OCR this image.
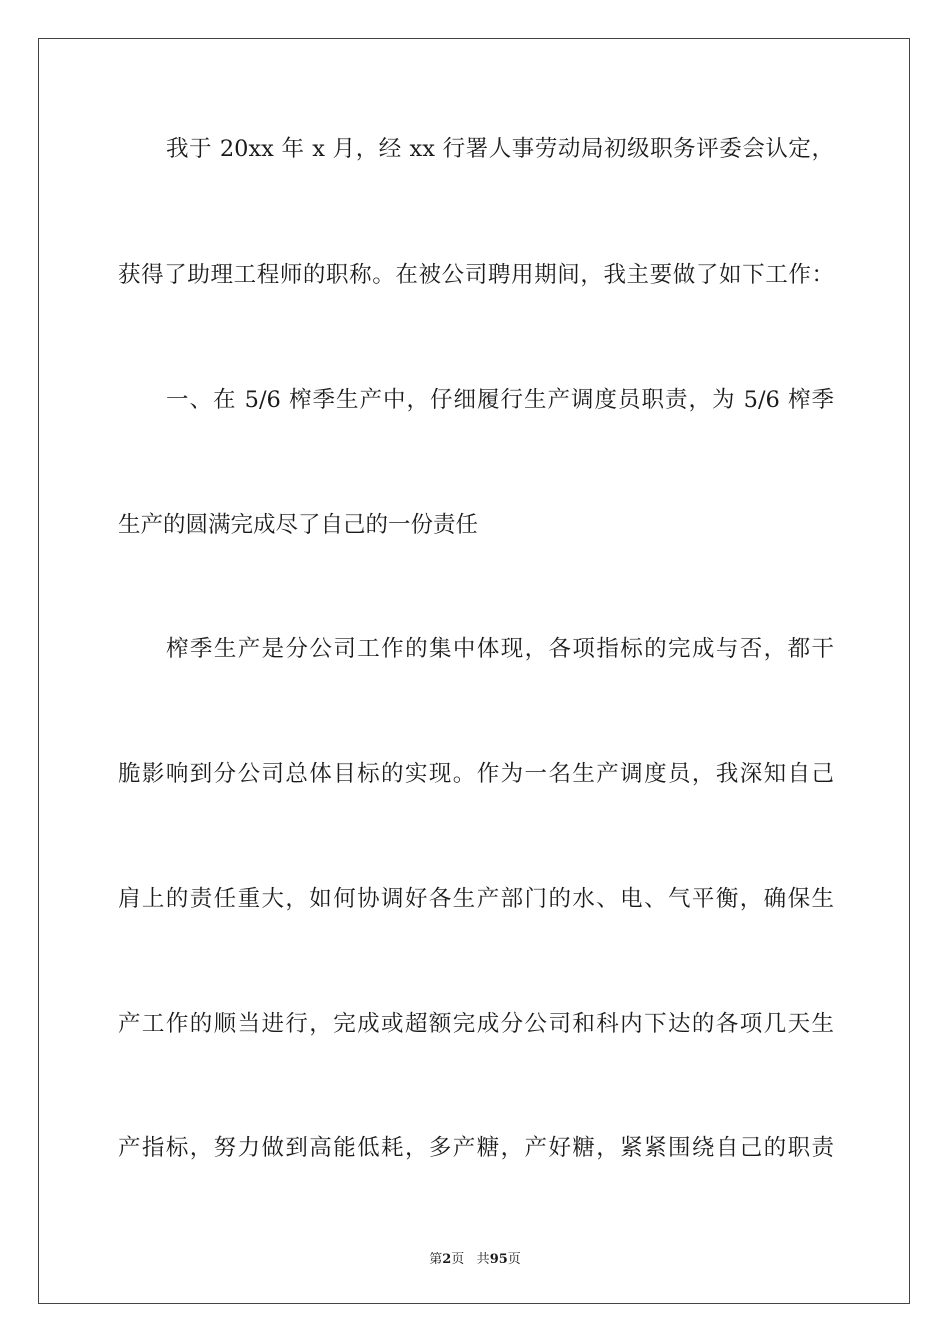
我于 20xx 年 x 月，经 xx 行署人事劳动局初级职务评委会认定，
获得了助理工程师的职称。在被公司聘用期间，我主要做了如下工作：
一、在 5/6 榨季生产中，仔细履行生产调度员职责，为 5/6 榨季
生产的圆满完成尽了自己的一份责任
榨季生产是分公司工作的集中体现，各项指标的完成与否，都干
脆影响到分公司总体目标的实现。作为一名生产调度员，我深知自己
肩上的责任重大，如何协调好各生产部门的水、电、气平衡，确保生
产工作的顺当进行，完成或超额完成分公司和科内下达的各项几天生
产指标，努力做到高能低耗，多产糖，产好糖，紧紧围绕自己的职责
第2页 共95页
